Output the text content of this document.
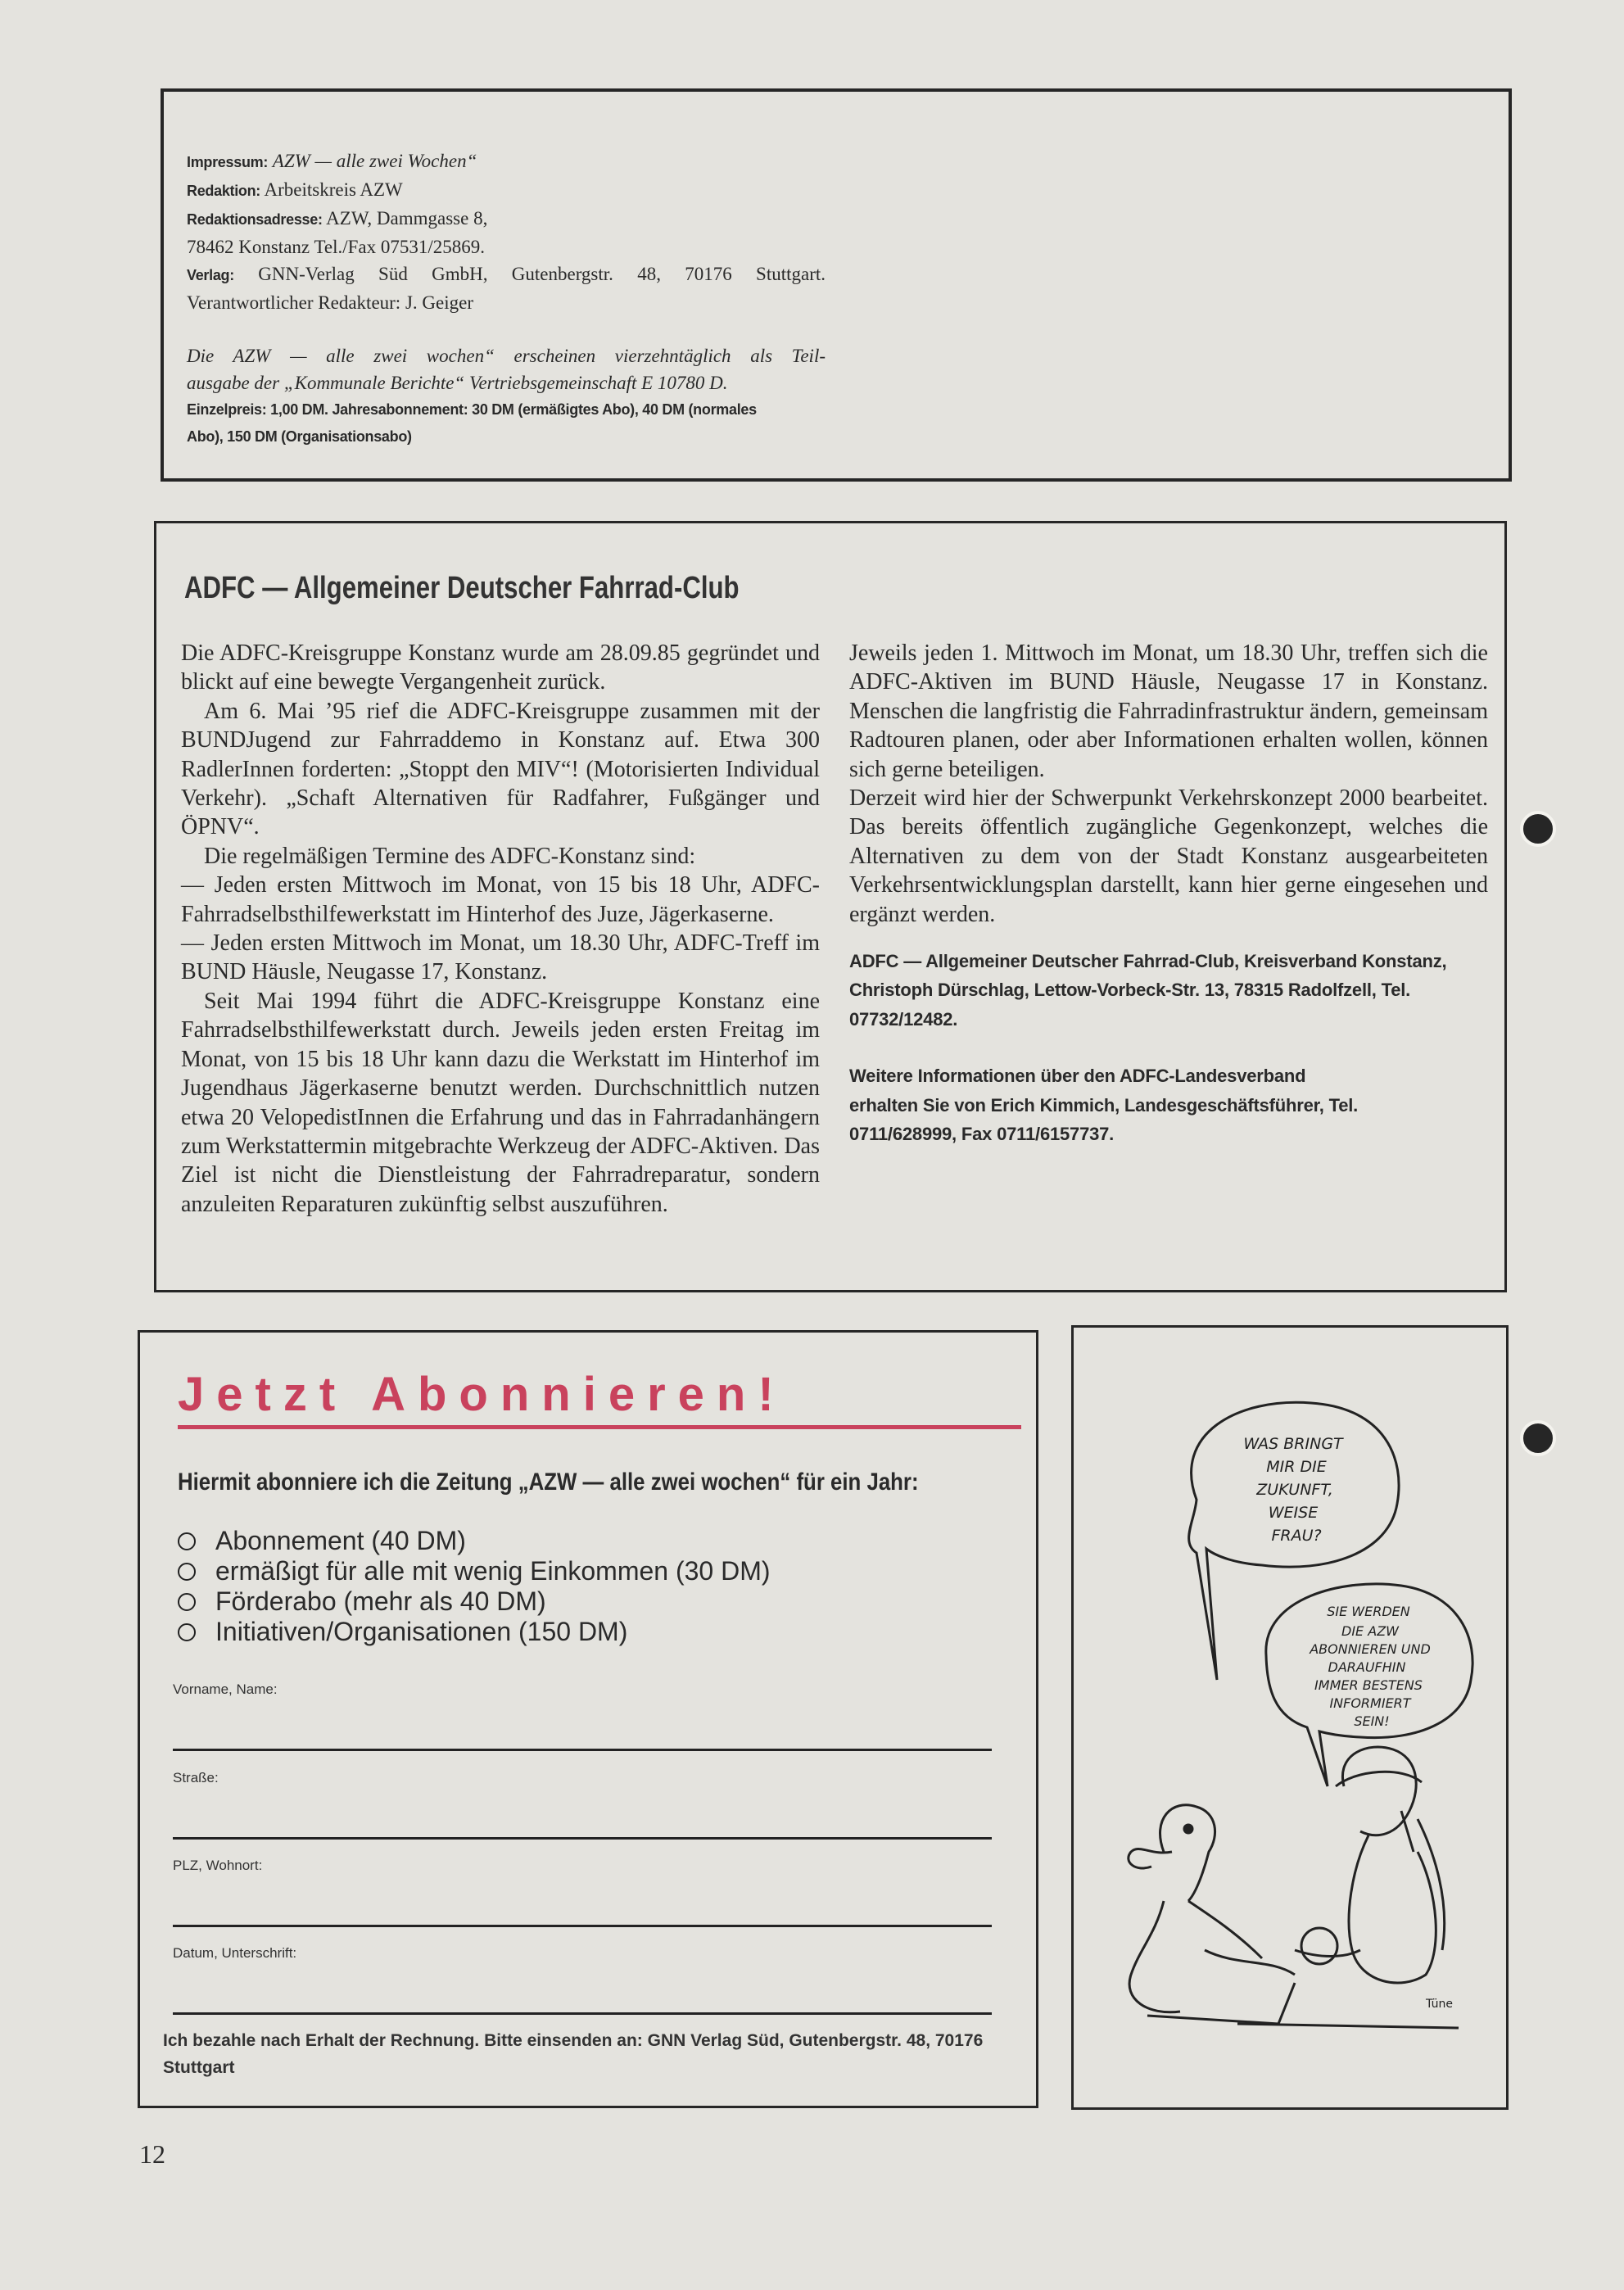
Impressum: AZW — alle zwei Wochen“

Redaktion: Arbeitskreis AZW

Redaktionsadresse: AZW, Dammgasse 8,

78462 Konstanz Tel./Fax 07531/25869.

Verlag: GNN-Verlag Süd GmbH, Gutenbergstr. 48, 70176 Stuttgart.

Verantwortlicher Redakteur: J. Geiger

Die AZW — alle zwei wochen“ erscheinen vierzehntäglich als Teil-

ausgabe der „Kommunale Berichte“ Vertriebsgemeinschaft E 10780 D.

Einzelpreis: 1,00 DM. Jahresabonnement: 30 DM (ermäßigtes Abo), 40 DM (normales

Abo), 150 DM (Organisationsabo)

ADFC — Allgemeiner Deutscher Fahrrad-Club

Die ADFC-Kreisgruppe Konstanz wurde am 28.09.85 gegründet und blickt auf eine bewegte Vergangenheit zurück.

Am 6. Mai ’95 rief die ADFC-Kreisgruppe zusammen mit der BUNDJugend zur Fahrraddemo in Konstanz auf. Etwa 300 RadlerInnen forderten: „Stoppt den MIV“! (Motorisierten Individual Verkehr). „Schaft Alternativen für Radfahrer, Fußgänger und ÖPNV“.

Die regelmäßigen Termine des ADFC-Konstanz sind:

— Jeden ersten Mittwoch im Monat, von 15 bis 18 Uhr, ADFC-Fahrradselbsthilfewerkstatt im Hinterhof des Juze, Jägerkaserne.

— Jeden ersten Mittwoch im Monat, um 18.30 Uhr, ADFC-Treff im BUND Häusle, Neugasse 17, Konstanz.

Seit Mai 1994 führt die ADFC-Kreisgruppe Konstanz eine Fahrradselbsthilfewerkstatt durch. Jeweils jeden ersten Freitag im Monat, von 15 bis 18 Uhr kann dazu die Werkstatt im Hinterhof im Jugendhaus Jägerkaserne benutzt werden. Durchschnittlich nutzen etwa 20 VelopedistInnen die Erfahrung und das in Fahrradanhängern zum Werkstattermin mitgebrachte Werkzeug der ADFC-Aktiven. Das Ziel ist nicht die Dienstleistung der Fahrradreparatur, sondern anzuleiten Reparaturen zukünftig selbst auszuführen.

Jeweils jeden 1. Mittwoch im Monat, um 18.30 Uhr, treffen sich die ADFC-Aktiven im BUND Häusle, Neugasse 17 in Konstanz. Menschen die langfristig die Fahrradinfrastruktur ändern, gemeinsam Radtouren planen, oder aber Informationen erhalten wollen, können sich gerne beteiligen.

Derzeit wird hier der Schwerpunkt Verkehrskonzept 2000 bearbeitet. Das bereits öffentlich zugängliche Gegenkonzept, welches die Alternativen zu dem von der Stadt Konstanz ausgearbeiteten Verkehrsentwicklungsplan darstellt, kann hier gerne eingesehen und ergänzt werden.

ADFC — Allgemeiner Deutscher Fahrrad-Club, Kreisverband Konstanz, Christoph Dürschlag, Lettow-Vorbeck-Str. 13, 78315 Radolfzell, Tel. 07732/12482.

Weitere Informationen über den ADFC-Landesverband erhalten Sie von Erich Kimmich, Landesgeschäftsführer, Tel. 0711/628999, Fax 0711/6157737.

Jetzt Abonnieren!
Hiermit abonniere ich die Zeitung „AZW — alle zwei wochen“ für ein Jahr:
Abonnement (40 DM)
ermäßigt für alle mit wenig Einkommen (30 DM)
Förderabo (mehr als 40 DM)
Initiativen/Organisationen (150 DM)
Vorname, Name:
Straße:
PLZ, Wohnort:
Datum, Unterschrift:
Ich bezahle nach Erhalt der Rechnung. Bitte einsenden an: GNN Verlag Süd, Gutenbergstr. 48, 70176 Stuttgart
WAS BRINGT
MIR DIE
ZUKUNFT,
WEISE
FRAU?
SIE WERDEN
DIE AZW
ABONNIEREN UND
DARAUFHIN
IMMER BESTENS
INFORMIERT
SEIN!
Tüne
12
